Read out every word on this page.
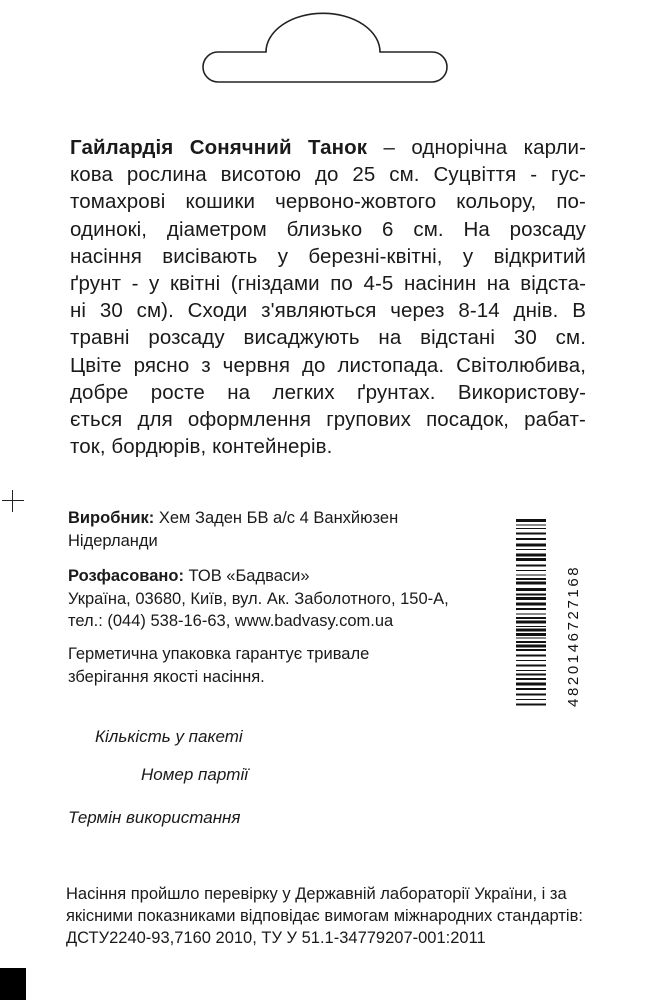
Гайлардія Сонячний Танок – однорічна карли-
кова рослина висотою до 25 см. Суцвіття - гус-
томахрові кошики червоно-жовтого кольору, по-
одинокі, діаметром близько 6 см. На розсаду
насіння висівають у березні-квітні, у відкритий
ґрунт - у квітні (гніздами по 4-5 насінин на відста-
ні 30 см). Сходи з'являються через 8-14 днів. В
травні розсаду висаджують на відстані 30 см.
Цвіте рясно з червня до листопада. Світолюбива,
добре росте на легких ґрунтах. Використову-
ється для оформлення групових посадок, рабат-
ток, бордюрів, контейнерів.
Виробник: Хем Заден БВ а/с 4 Ванхйюзен
Нідерланди
Розфасовано: ТОВ «Бадваси»
Україна, 03680, Київ, вул. Ак. Заболотного, 150-А,
тел.: (044) 538-16-63, www.badvasy.com.ua
Герметична упаковка гарантує тривале
зберігання якості насіння.	4820146727168
Кількість у пакеті
Номер партії
Термін використання
Насіння пройшло перевірку у Державній лабораторії України, і за
якісними показниками відповідає вимогам міжнародних стандартів:
ДСТУ2240-93,7160 2010, ТУ У 51.1-34779207-001:2011
